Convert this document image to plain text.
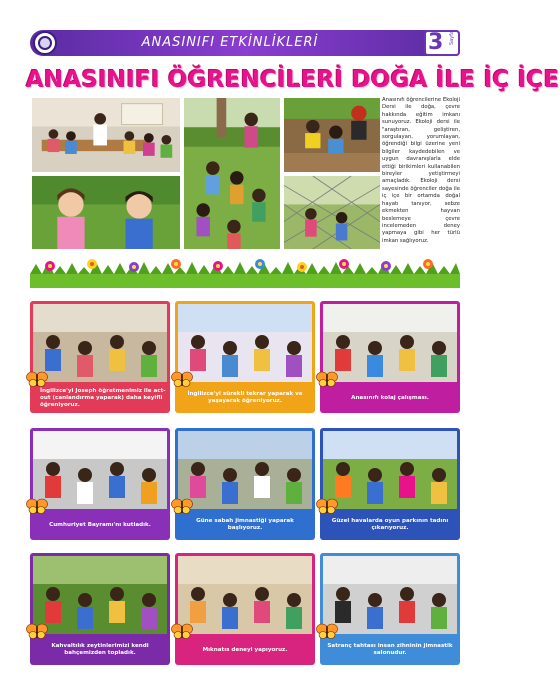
ANASINIFI ETKİNLİKLERİ	3 Sayfa
ANASINIFI ÖĞRENCİLERİ DOĞA İLE İÇ İÇE
Anasınıfı öğrencilerine Ekoloji Dersi ile doğa, çevre hakkında eğitim imkanı sunuyoruz. Ekoloji dersi ile "araştıran, geliştiren, sorgulayan, yorumlayan, öğrendiği bilgi üzerine yeni bilgiler kaydedebilen ve uygun davranışlarla elde ettiği birikimleri kullanabilen bireyler yetiştirmeyi amaçladık. Ekoloji dersi sayesinde öğrenciler doğa ile iç içe bir ortamda doğal hayatı tanıyor, sebze ekmekten hayvan beslemeye çevre incelemeden deney yapmaya gibi her türlü imkan sağlıyoruz.
İngilizce'yi Joseph öğretmenimiz ile act-out (canlandırma yaparak) daha keyifli öğreniyoruz.
İngilizce'yi sürekli tekrar yaparak ve yaşayarak öğreniyoruz.
Anasınıfı kolaj çalışması.
Cumhuriyet Bayramı'nı kutladık.
Güne sabah jimnastiği yaparak başlıyoruz.
Güzel havalarda oyun parkının tadını çıkarıyoruz.
Kahvaltılık zeytinlerimizi kendi bahçemizden topladık.
Mıknatıs deneyi yapıyoruz.
Satranç tahtası insan zihninin jimnastik salonudur.
